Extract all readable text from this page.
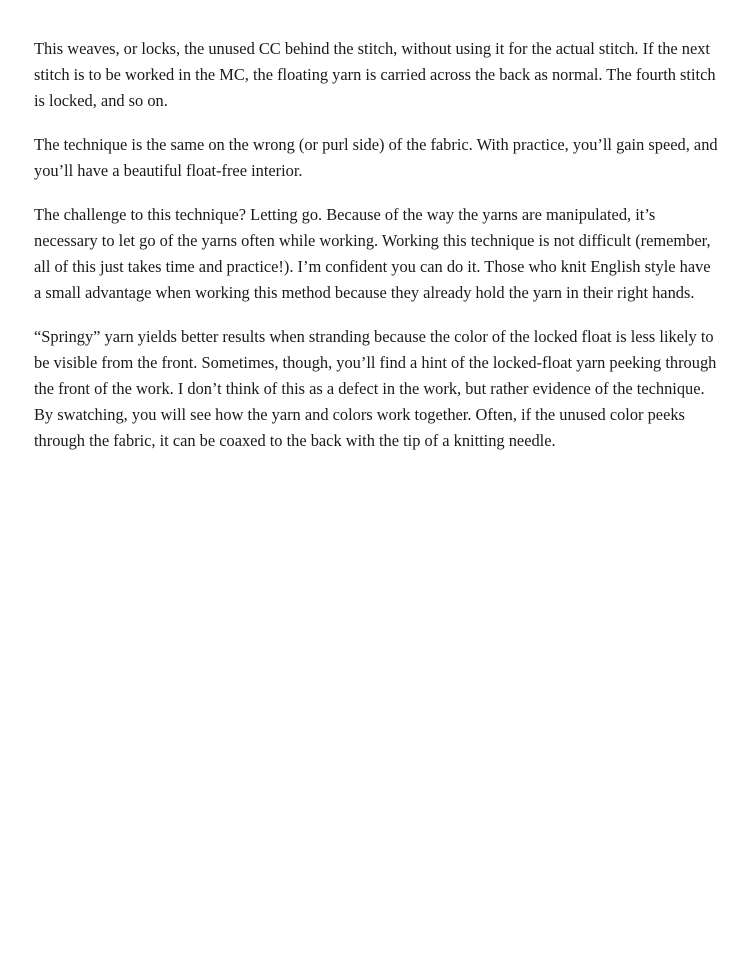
This weaves, or locks, the unused CC behind the stitch, without using it for the actual stitch. If the next stitch is to be worked in the MC, the floating yarn is carried across the back as normal. The fourth stitch is locked, and so on.

The technique is the same on the wrong (or purl side) of the fabric. With practice, you’ll gain speed, and you’ll have a beautiful float-free interior.

The challenge to this technique? Letting go. Because of the way the yarns are manipulated, it’s necessary to let go of the yarns often while working. Working this technique is not difficult (remember, all of this just takes time and practice!). I’m confident you can do it. Those who knit English style have a small advantage when working this method because they already hold the yarn in their right hands.

“Springy” yarn yields better results when stranding because the color of the locked float is less likely to be visible from the front. Sometimes, though, you’ll find a hint of the locked-float yarn peeking through the front of the work. I don’t think of this as a defect in the work, but rather evidence of the technique. By swatching, you will see how the yarn and colors work together. Often, if the unused color peeks through the fabric, it can be coaxed to the back with the tip of a knitting needle.
